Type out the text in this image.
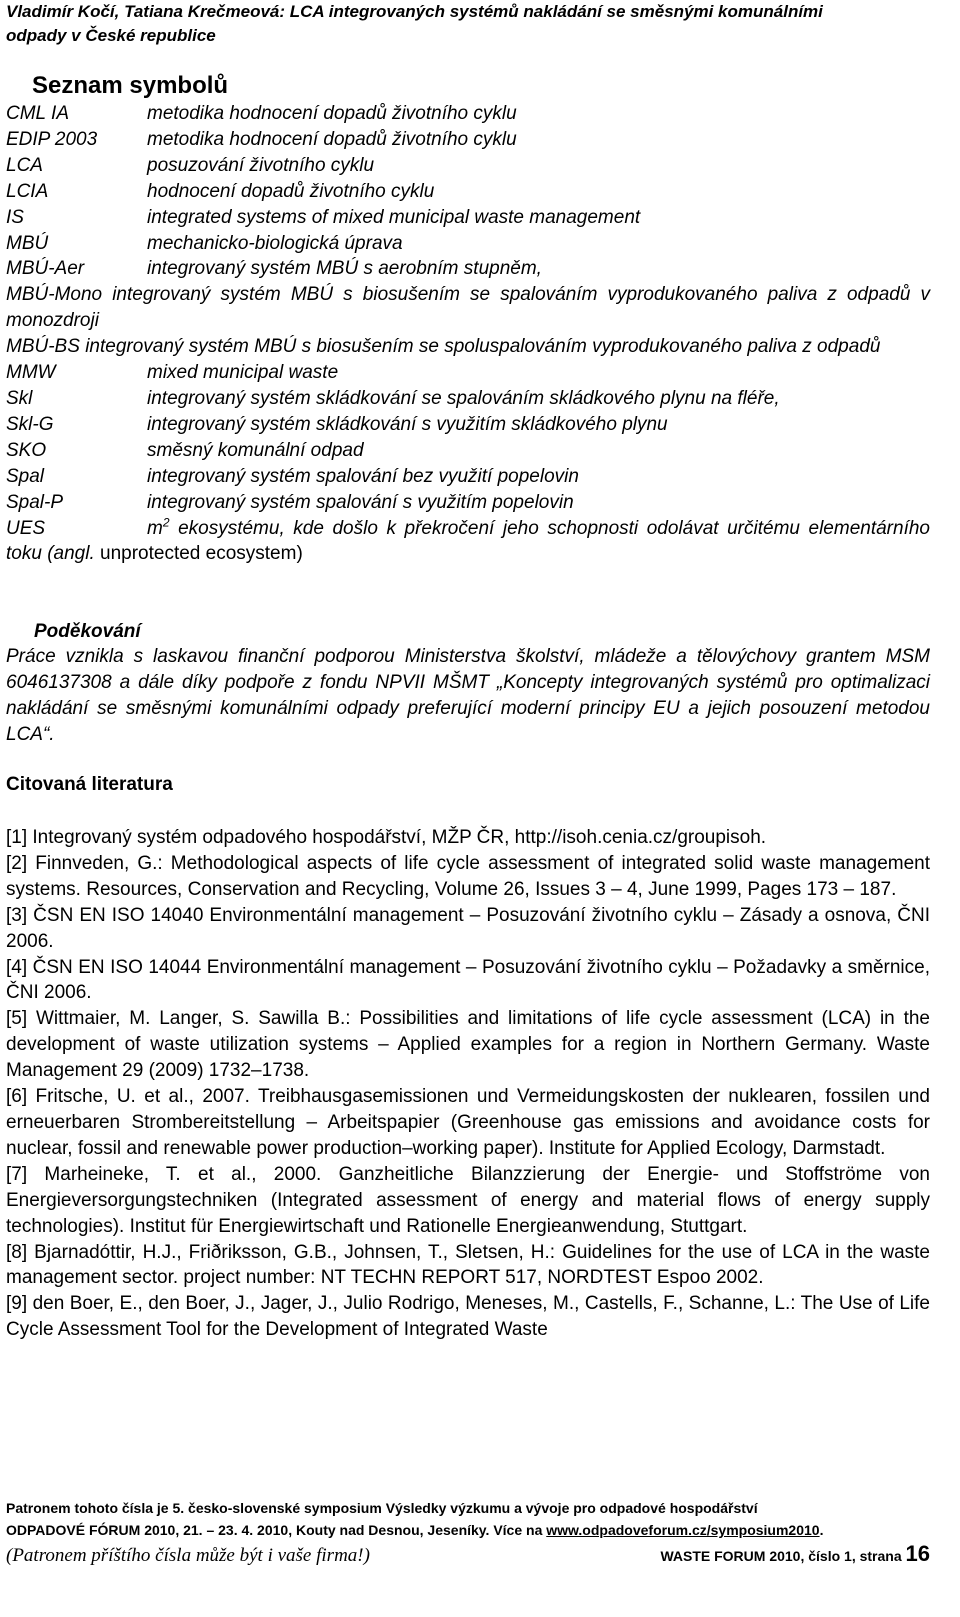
Vladimír Kočí, Tatiana Krečmeová: LCA integrovaných systémů nakládání se směsnými komunálními
odpady v České republice
Seznam symbolů
CML IA	metodika hodnocení dopadů životního cyklu
EDIP 2003	metodika hodnocení dopadů životního cyklu
LCA	posuzování životního cyklu
LCIA	hodnocení dopadů životního cyklu
IS	integrated systems of mixed municipal waste management
MBÚ	mechanicko-biologická úprava
MBÚ-Aer	integrovaný systém MBÚ s aerobním stupněm,
MBÚ-Mono integrovaný systém MBÚ s biosušením se spalováním vyprodukovaného paliva z odpadů v monozdroji
MBÚ-BS integrovaný systém MBÚ s biosušením se spoluspalováním vyprodukovaného paliva z odpadů
MMW	mixed municipal waste
Skl	integrovaný systém skládkování se spalováním skládkového plynu na fléře,
Skl-G	integrovaný systém skládkování s využitím skládkového plynu
SKO	směsný komunální odpad
Spal	integrovaný systém spalování bez využití popelovin
Spal-P	integrovaný systém spalování s využitím popelovin
UES	$m^2$ ekosystému, kde došlo k překročení jeho schopnosti odolávat určitému elementárního toku (angl. unprotected ecosystem)
Poděkování
Práce vznikla s laskavou finanční podporou Ministerstva školství, mládeže a tělovýchovy grantem MSM 6046137308 a dále díky podpoře z fondu NPVII MŠMT „Koncepty integrovaných systémů pro optimalizaci nakládání se směsnými komunálními odpady preferující moderní principy EU a jejich posouzení metodou LCA“.
Citovaná literatura

[1] Integrovaný systém odpadového hospodářství, MŽP ČR, http://isoh.cenia.cz/groupisoh.

[2] Finnveden, G.: Methodological aspects of life cycle assessment of integrated solid waste management systems. Resources, Conservation and Recycling, Volume 26, Issues 3 – 4, June 1999, Pages 173 – 187.

[3] ČSN EN ISO 14040 Environmentální management – Posuzování životního cyklu – Zásady a osnova, ČNI 2006.

[4] ČSN EN ISO 14044 Environmentální management – Posuzování životního cyklu – Požadavky a směrnice, ČNI 2006.

[5] Wittmaier, M. Langer, S. Sawilla B.: Possibilities and limitations of life cycle assessment (LCA) in the development of waste utilization systems – Applied examples for a region in Northern Germany. Waste Management 29 (2009) 1732–1738.

[6] Fritsche, U. et al., 2007. Treibhausgasemissionen und Vermeidungskosten der nuklearen, fossilen und erneuerbaren Strombereitstellung – Arbeitspapier (Greenhouse gas emissions and avoidance costs for nuclear, fossil and renewable power production–working paper). Institute for Applied Ecology, Darmstadt.

[7] Marheineke, T. et al., 2000. Ganzheitliche Bilanzzierung der Energie- und Stoffströme von Energieversorgungstechniken (Integrated assessment of energy and material flows of energy supply technologies). Institut für Energiewirtschaft und Rationelle Energieanwendung, Stuttgart.

[8] Bjarnadóttir, H.J., Friðriksson, G.B., Johnsen, T., Sletsen, H.: Guidelines for the use of LCA in the waste management sector. project number: NT TECHN REPORT 517, NORDTEST Espoo 2002.

[9] den Boer, E., den Boer, J., Jager, J., Julio Rodrigo, Meneses, M., Castells, F., Schanne, L.: The Use of Life Cycle Assessment Tool for the Development of Integrated Waste

Patronem tohoto čísla je 5. česko-slovenské symposium Výsledky výzkumu a vývoje pro odpadové hospodářství
ODPADOVÉ FÓRUM 2010, 21. – 23. 4. 2010, Kouty nad Desnou, Jeseníky. Více na www.odpadoveforum.cz/symposium2010.
(Patronem příštího čísla může být i vaše firma!)	WASTE FORUM 2010, číslo 1, strana 16
